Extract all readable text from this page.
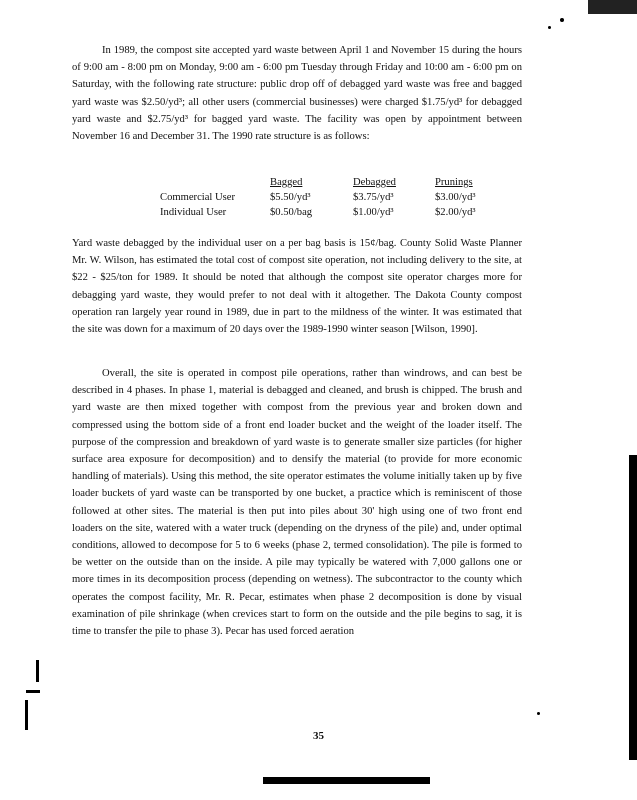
In 1989, the compost site accepted yard waste between April 1 and November 15 during the hours of 9:00 am - 8:00 pm on Monday, 9:00 am - 6:00 pm Tuesday through Friday and 10:00 am - 6:00 pm on Saturday, with the following rate structure: public drop off of debagged yard waste was free and bagged yard waste was $2.50/yd³; all other users (commercial businesses) were charged $1.75/yd³ for debagged yard waste and $2.75/yd³ for bagged yard waste. The facility was open by appointment between November 16 and December 31. The 1990 rate structure is as follows:
	Bagged	Debagged	Prunings
Commercial User	$5.50/yd³	$3.75/yd³	$3.00/yd³
Individual User	$0.50/bag	$1.00/yd³	$2.00/yd³
Yard waste debagged by the individual user on a per bag basis is 15¢/bag. County Solid Waste Planner Mr. W. Wilson, has estimated the total cost of compost site operation, not including delivery to the site, at $22 - $25/ton for 1989. It should be noted that although the compost site operator charges more for debagging yard waste, they would prefer to not deal with it altogether. The Dakota County compost operation ran largely year round in 1989, due in part to the mildness of the winter. It was estimated that the site was down for a maximum of 20 days over the 1989-1990 winter season [Wilson, 1990].
Overall, the site is operated in compost pile operations, rather than windrows, and can best be described in 4 phases. In phase 1, material is debagged and cleaned, and brush is chipped. The brush and yard waste are then mixed together with compost from the previous year and broken down and compressed using the bottom side of a front end loader bucket and the weight of the loader itself. The purpose of the compression and breakdown of yard waste is to generate smaller size particles (for higher surface area exposure for decomposition) and to densify the material (to provide for more economic handling of materials). Using this method, the site operator estimates the volume initially taken up by five loader buckets of yard waste can be transported by one bucket, a practice which is reminiscent of those followed at other sites. The material is then put into piles about 30' high using one of two front end loaders on the site, watered with a water truck (depending on the dryness of the pile) and, under optimal conditions, allowed to decompose for 5 to 6 weeks (phase 2, termed consolidation). The pile is formed to be wetter on the outside than on the inside. A pile may typically be watered with 7,000 gallons one or more times in its decomposition process (depending on wetness). The subcontractor to the county which operates the compost facility, Mr. R. Pecar, estimates when phase 2 decomposition is done by visual examination of pile shrinkage (when crevices start to form on the outside and the pile begins to sag, it is time to transfer the pile to phase 3). Pecar has used forced aeration
35
